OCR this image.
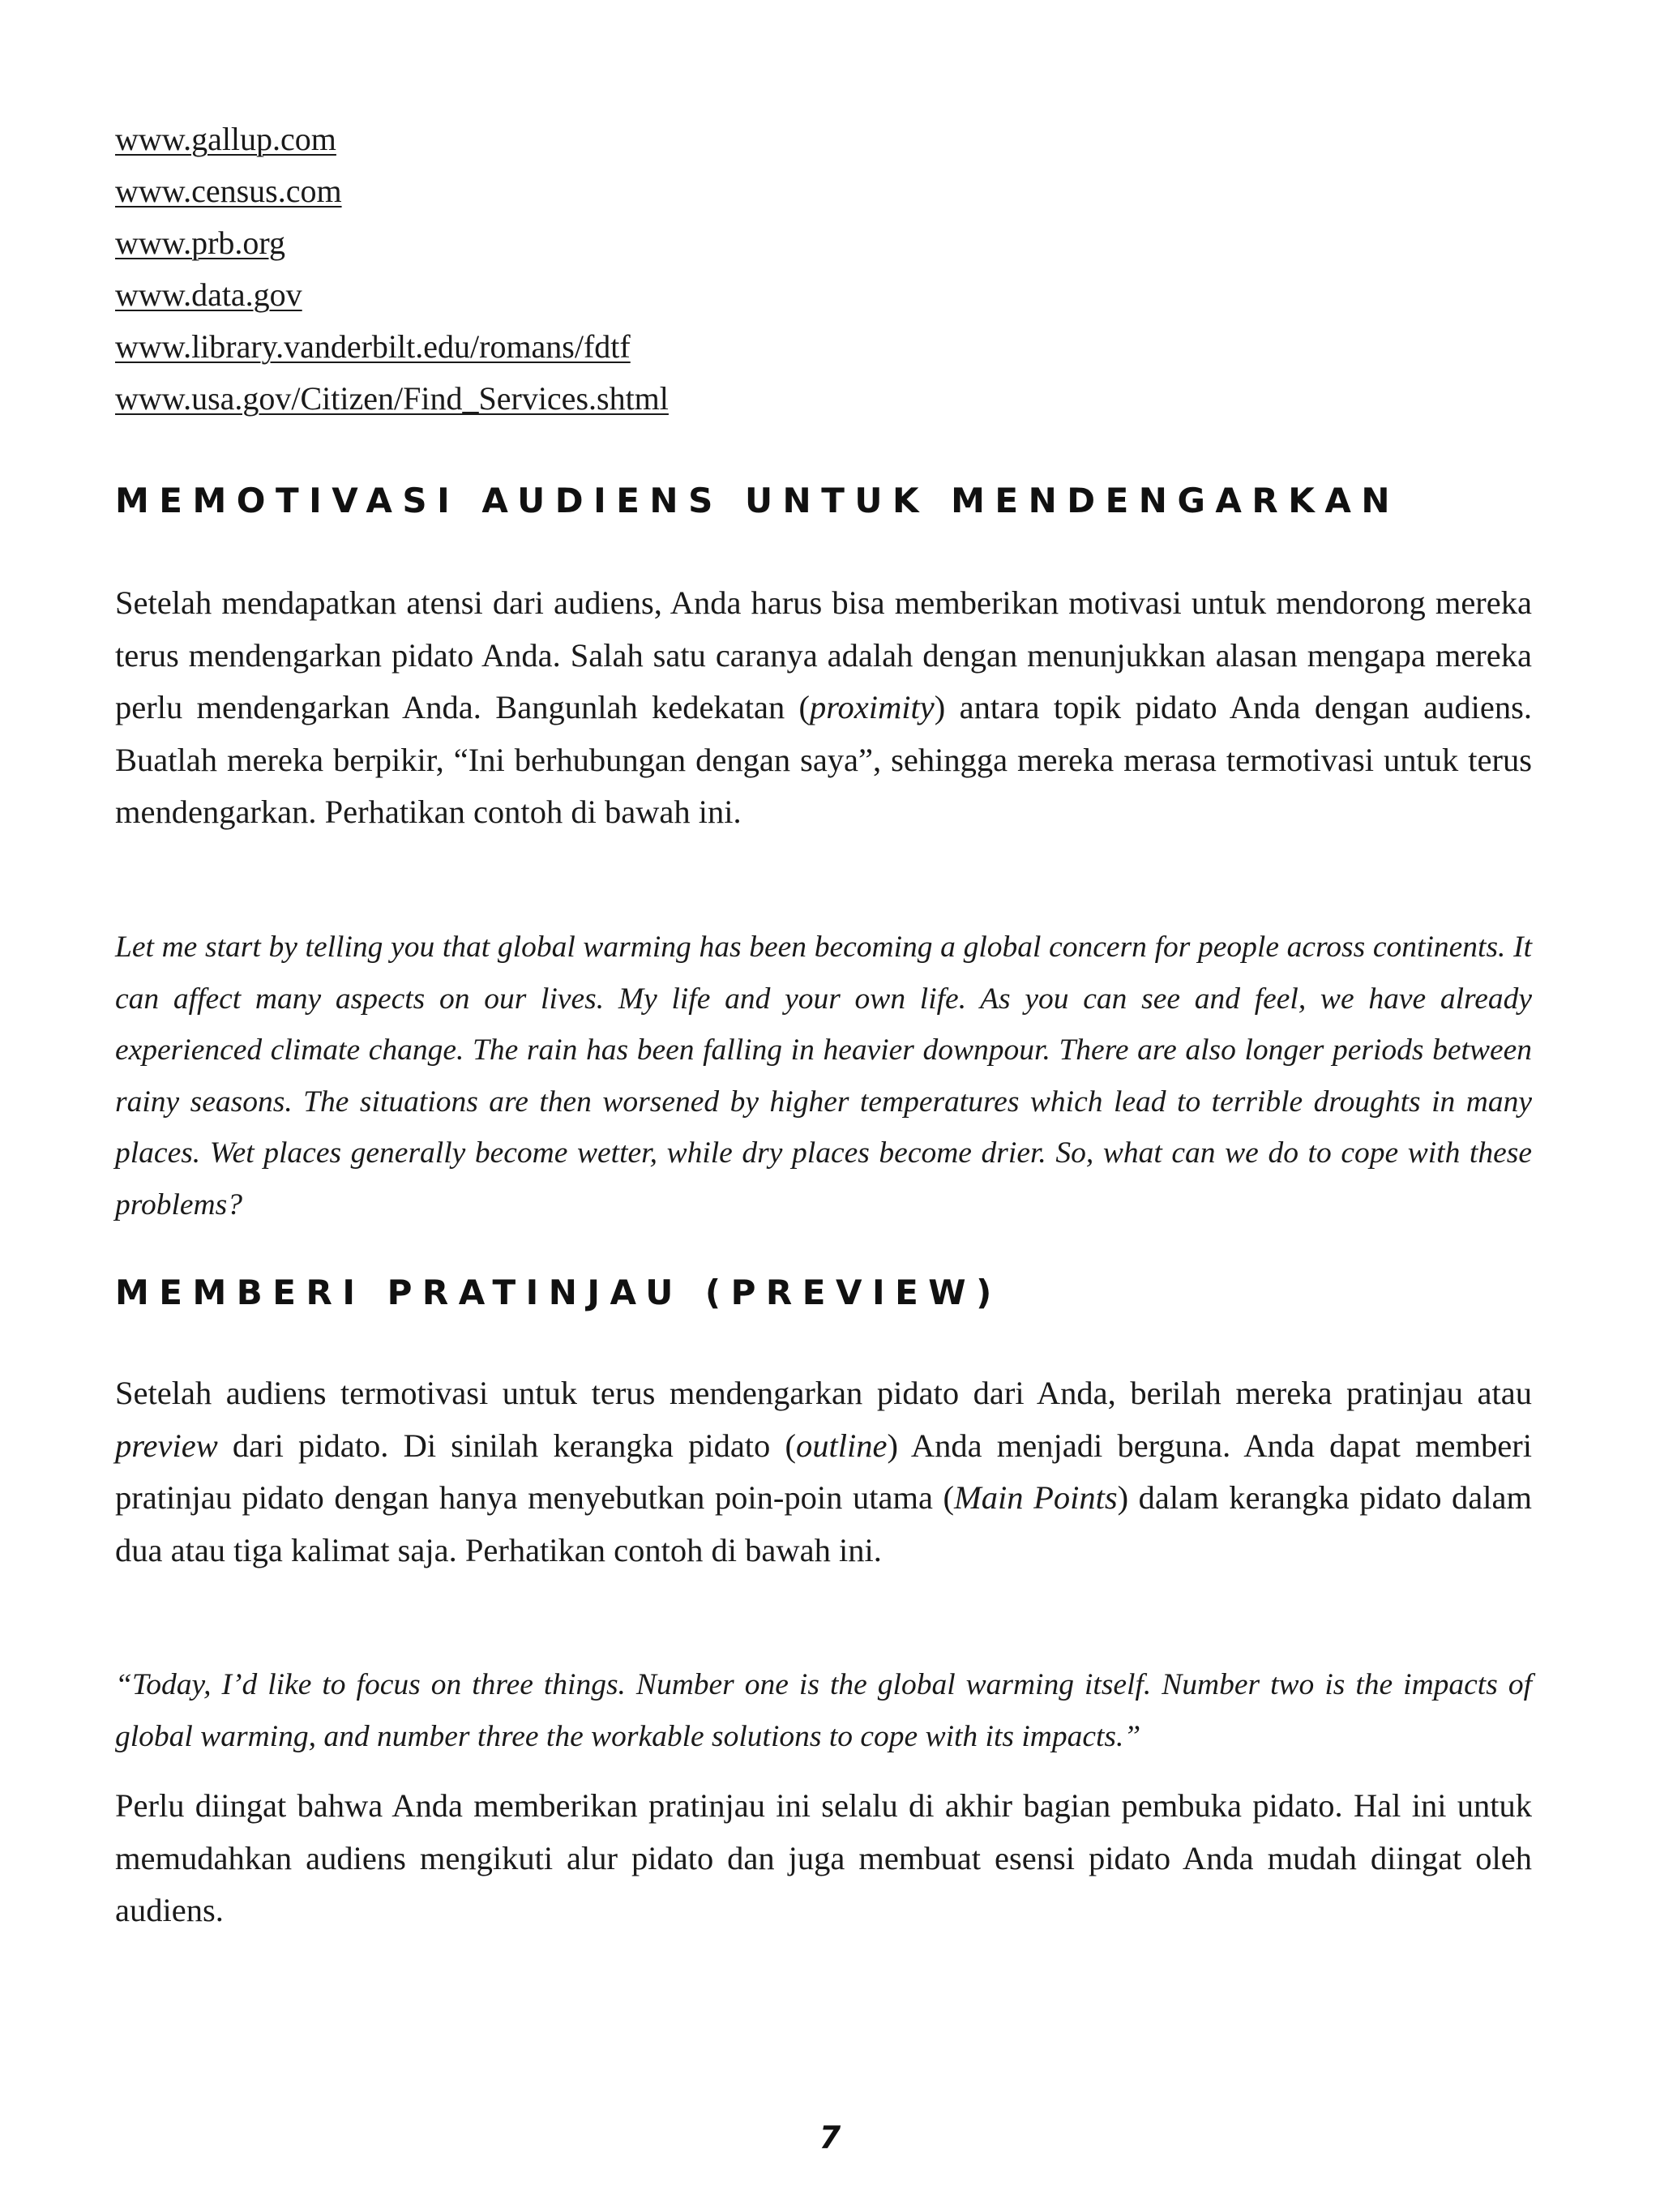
www.gallup.com
www.census.com
www.prb.org
www.data.gov
www.library.vanderbilt.edu/romans/fdtf
www.usa.gov/Citizen/Find_Services.shtml
MEMOTIVASI AUDIENS UNTUK MENDENGARKAN

Setelah mendapatkan atensi dari audiens, Anda harus bisa memberikan motivasi untuk mendorong mereka terus mendengarkan pidato Anda. Salah satu caranya adalah dengan menunjukkan alasan mengapa mereka perlu mendengarkan Anda. Bangunlah kedekatan (proximity) antara topik pidato Anda dengan audiens. Buatlah mereka berpikir, “Ini berhubungan dengan saya”, sehingga mereka merasa termotivasi untuk terus mendengarkan. Perhatikan contoh di bawah ini.

Let me start by telling you that global warming has been becoming a global concern for people across continents. It can affect many aspects on our lives. My life and your own life. As you can see and feel, we have already experienced climate change. The rain has been falling in heavier downpour. There are also longer periods between rainy seasons. The situations are then worsened by higher temperatures which lead to terrible droughts in many places. Wet places generally become wetter, while dry places become drier. So, what can we do to cope with these problems?

MEMBERI PRATINJAU (PREVIEW)

Setelah audiens termotivasi untuk terus mendengarkan pidato dari Anda, berilah mereka pratinjau atau preview dari pidato. Di sinilah kerangka pidato (outline) Anda menjadi berguna. Anda dapat memberi pratinjau pidato dengan hanya menyebutkan poin-poin utama (Main Points) dalam kerangka pidato dalam dua atau tiga kalimat saja. Perhatikan contoh di bawah ini.

“Today, I’d like to focus on three things. Number one is the global warming itself. Number two is the impacts of global warming, and number three the workable solutions to cope with its impacts.”

Perlu diingat bahwa Anda memberikan pratinjau ini selalu di akhir bagian pembuka pidato. Hal ini untuk memudahkan audiens mengikuti alur pidato dan juga membuat esensi pidato Anda mudah diingat oleh audiens.

7
